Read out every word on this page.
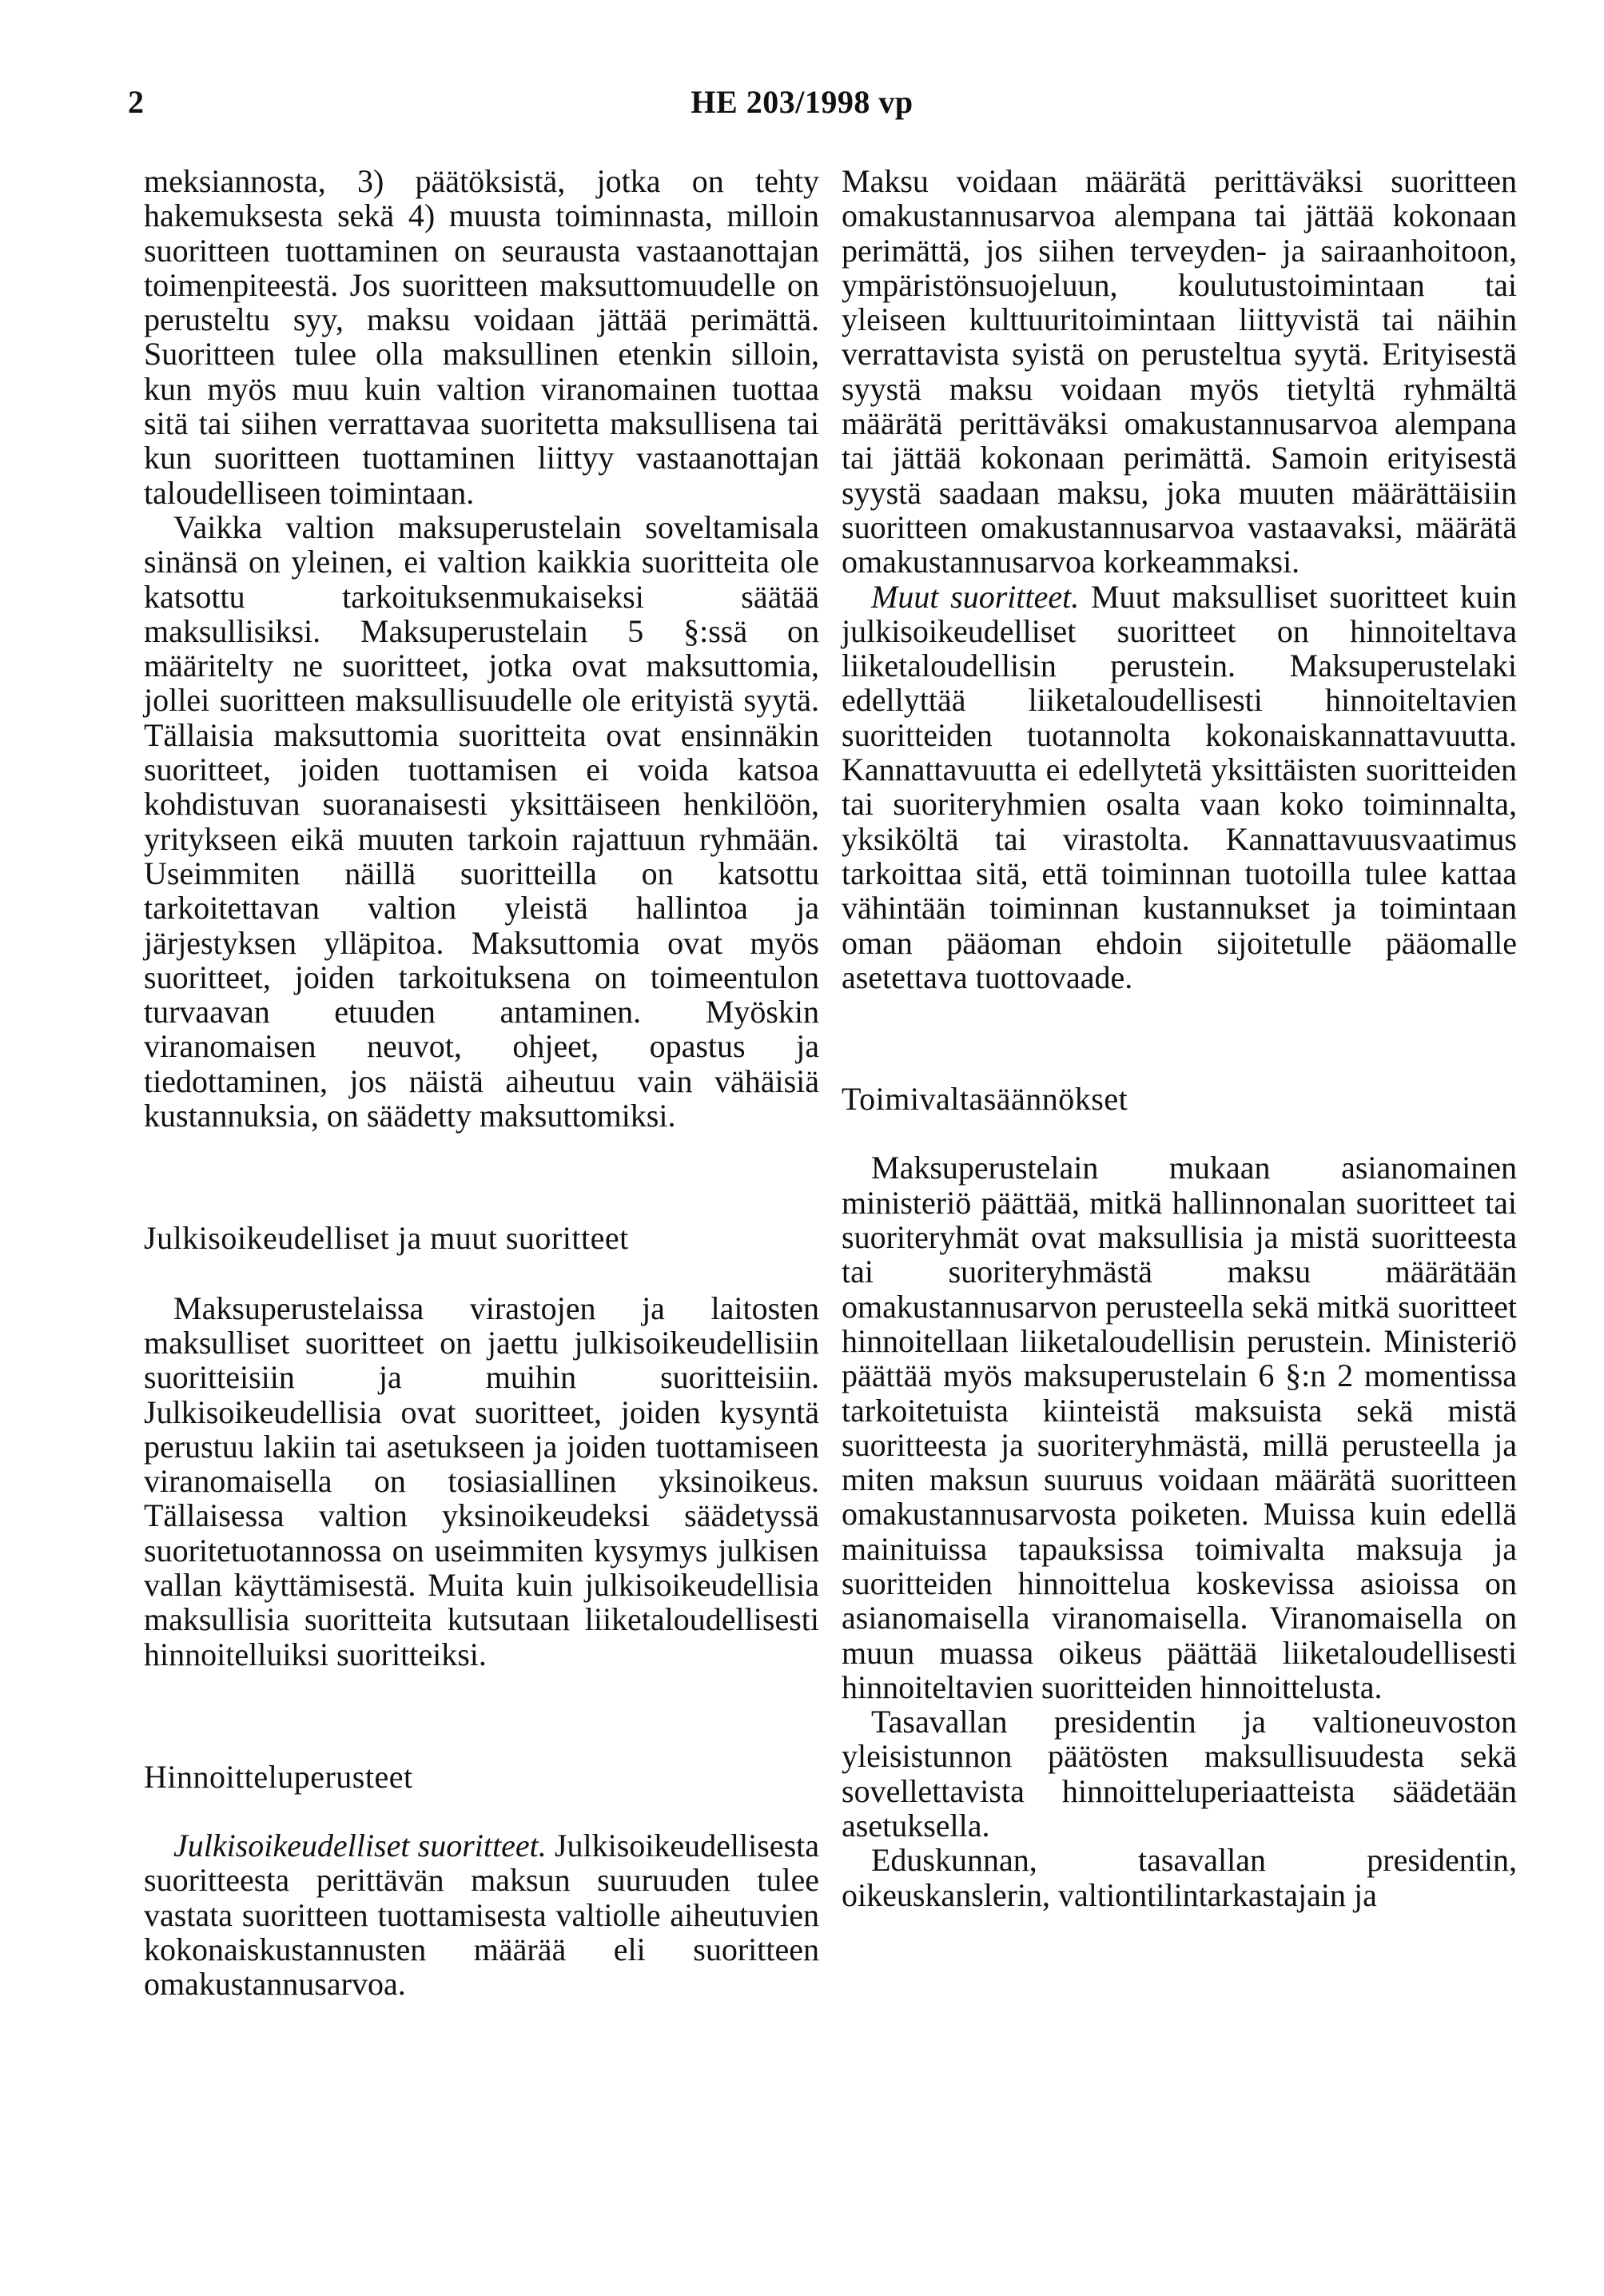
2	HE 203/1998 vp

meksiannosta, 3) päätöksistä, jotka on tehty hakemuksesta sekä 4) muusta toiminnasta, milloin suoritteen tuottaminen on seurausta vastaanottajan toimenpiteestä. Jos suoritteen maksuttomuudelle on perusteltu syy, maksu voidaan jättää perimättä. Suoritteen tulee olla maksullinen etenkin silloin, kun myös muu kuin valtion viranomainen tuottaa sitä tai siihen verrattavaa suoritetta maksullisena tai kun suoritteen tuottaminen liittyy vastaanottajan taloudelliseen toimintaan.

Vaikka valtion maksuperustelain soveltamisala sinänsä on yleinen, ei valtion kaikkia suoritteita ole katsottu tarkoituksenmukaiseksi säätää maksullisiksi. Maksuperustelain 5 §:ssä on määritelty ne suoritteet, jotka ovat maksuttomia, jollei suoritteen maksullisuudelle ole erityistä syytä. Tällaisia maksuttomia suoritteita ovat ensinnäkin suoritteet, joiden tuottamisen ei voida katsoa kohdistuvan suoranaisesti yksittäiseen henkilöön, yritykseen eikä muuten tarkoin rajattuun ryhmään. Useimmiten näillä suoritteilla on katsottu tarkoitettavan valtion yleistä hallintoa ja järjestyksen ylläpitoa. Maksuttomia ovat myös suoritteet, joiden tarkoituksena on toimeentulon turvaavan etuuden antaminen. Myöskin viranomaisen neuvot, ohjeet, opastus ja tiedottaminen, jos näistä aiheutuu vain vähäisiä kustannuksia, on säädetty maksuttomiksi.

Julkisoikeudelliset ja muut suoritteet

Maksuperustelaissa virastojen ja laitosten maksulliset suoritteet on jaettu julkisoikeudellisiin suoritteisiin ja muihin suoritteisiin. Julkisoikeudellisia ovat suoritteet, joiden kysyntä perustuu lakiin tai asetukseen ja joiden tuottamiseen viranomaisella on tosiasiallinen yksinoikeus. Tällaisessa valtion yksinoikeudeksi säädetyssä suoritetuotannossa on useimmiten kysymys julkisen vallan käyttämisestä. Muita kuin julkisoikeudellisia maksullisia suoritteita kutsutaan liiketaloudellisesti hinnoitelluiksi suoritteiksi.

Hinnoitteluperusteet

Julkisoikeudelliset suoritteet. Julkisoikeudellisesta suoritteesta perittävän maksun suuruuden tulee vastata suoritteen tuottamisesta valtiolle aiheutuvien kokonaiskustannusten määrää eli suoritteen omakustannusarvoa.

Maksu voidaan määrätä perittäväksi suoritteen omakustannusarvoa alempana tai jättää kokonaan perimättä, jos siihen terveyden- ja sairaanhoitoon, ympäristönsuojeluun, koulutustoimintaan tai yleiseen kulttuuritoimintaan liittyvistä tai näihin verrattavista syistä on perusteltua syytä. Erityisestä syystä maksu voidaan myös tietyltä ryhmältä määrätä perittäväksi omakustannusarvoa alempana tai jättää kokonaan perimättä. Samoin erityisestä syystä saadaan maksu, joka muuten määrättäisiin suoritteen omakustannusarvoa vastaavaksi, määrätä omakustannusarvoa korkeammaksi.

Muut suoritteet. Muut maksulliset suoritteet kuin julkisoikeudelliset suoritteet on hinnoiteltava liiketaloudellisin perustein. Maksuperustelaki edellyttää liiketaloudellisesti hinnoiteltavien suoritteiden tuotannolta kokonaiskannattavuutta. Kannattavuutta ei edellytetä yksittäisten suoritteiden tai suoriteryhmien osalta vaan koko toiminnalta, yksiköltä tai virastolta. Kannattavuusvaatimus tarkoittaa sitä, että toiminnan tuotoilla tulee kattaa vähintään toiminnan kustannukset ja toimintaan oman pääoman ehdoin sijoitetulle pääomalle asetettava tuottovaade.

Toimivaltasäännökset

Maksuperustelain mukaan asianomainen ministeriö päättää, mitkä hallinnonalan suoritteet tai suoriteryhmät ovat maksullisia ja mistä suoritteesta tai suoriteryhmästä maksu määrätään omakustannusarvon perusteella sekä mitkä suoritteet hinnoitellaan liiketaloudellisin perustein. Ministeriö päättää myös maksuperustelain 6 §:n 2 momentissa tarkoitetuista kiinteistä maksuista sekä mistä suoritteesta ja suoriteryhmästä, millä perusteella ja miten maksun suuruus voidaan määrätä suoritteen omakustannusarvosta poiketen. Muissa kuin edellä mainituissa tapauksissa toimivalta maksuja ja suoritteiden hinnoittelua koskevissa asioissa on asianomaisella viranomaisella. Viranomaisella on muun muassa oikeus päättää liiketaloudellisesti hinnoiteltavien suoritteiden hinnoittelusta.

Tasavallan presidentin ja valtioneuvoston yleisistunnon päätösten maksullisuudesta sekä sovellettavista hinnoitteluperiaatteista säädetään asetuksella.

Eduskunnan, tasavallan presidentin, oikeuskanslerin, valtiontilintarkastajain ja
